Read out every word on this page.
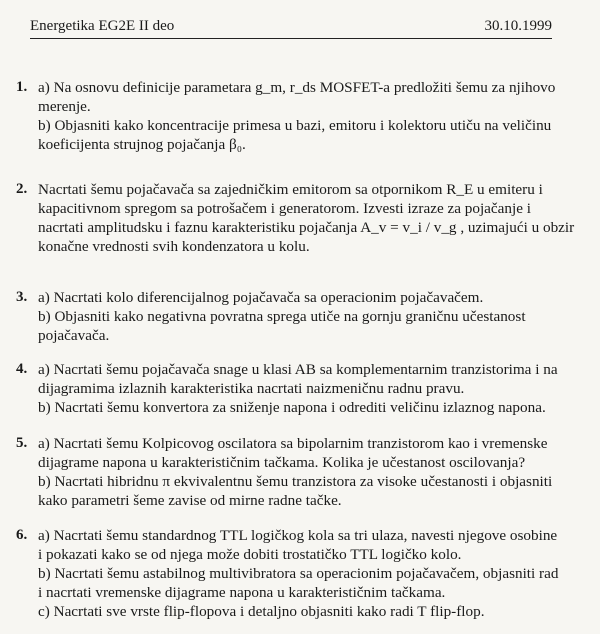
Energetika EG2E II deo	30.10.1999
1. a) Na osnovu definicije parametara g_m, r_ds MOSFET-a predložiti šemu za njihovo
merenje.
b) Objasniti kako koncentracije primesa u bazi, emitoru i kolektoru utiču na veličinu
koeficijenta strujnog pojačanja β₀.
2. Nacrtati šemu pojačavača sa zajedničkim emitorom sa otpornikom R_E u emiteru i
kapacitivnom spregom sa potrošačem i generatorom. Izvesti izraze za pojačanje i
nacrtati amplitudsku i faznu karakteristiku pojačanja A_v = v_i / v_g , uzimajući u obzir
konačne vrednosti svih kondenzatora u kolu.
3. a) Nacrtati kolo diferencijalnog pojačavača sa operacionim pojačavačem.
b) Objasniti kako negativna povratna sprega utiče na gornju graničnu učestanost
pojačavača.
4. a) Nacrtati šemu pojačavača snage u klasi AB sa komplementarnim tranzistorima i na
dijagramima izlaznih karakteristika nacrtati naizmeničnu radnu pravu.
b) Nacrtati šemu konvertora za sniženje napona i odrediti veličinu izlaznog napona.
5. a) Nacrtati šemu Kolpicovog oscilatora sa bipolarnim tranzistorom kao i vremenske
dijagrame napona u karakterističnim tačkama. Kolika je učestanost oscilovanja?
b) Nacrtati hibridnu π ekvivalentnu šemu tranzistora za visoke učestanosti i objasniti
kako parametri šeme zavise od mirne radne tačke.
6. a) Nacrtati šemu standardnog TTL logičkog kola sa tri ulaza, navesti njegove osobine
i pokazati kako se od njega može dobiti trostatičko TTL logičko kolo.
b) Nacrtati šemu astabilnog multivibratora sa operacionim pojačavačem, objasniti rad
i nacrtati vremenske dijagrame napona u karakterističnim tačkama.
c) Nacrtati sve vrste flip-flopova i detaljno objasniti kako radi T flip-flop.
